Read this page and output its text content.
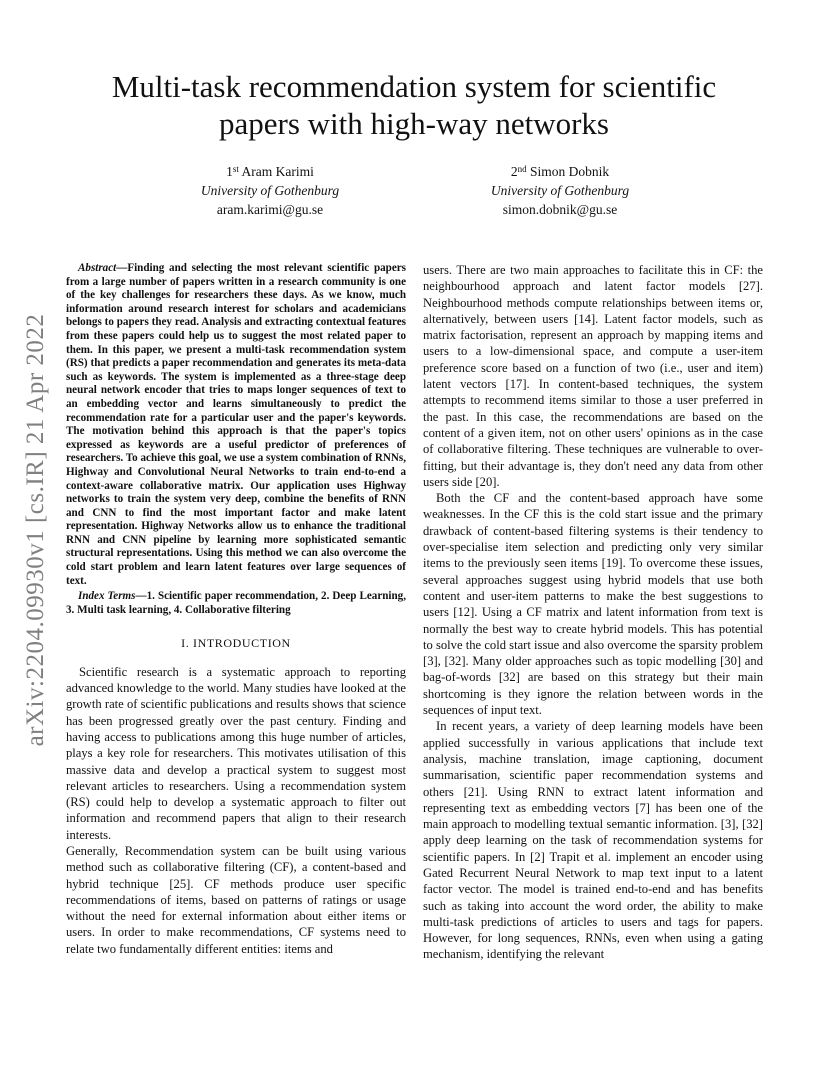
arXiv:2204.09930v1 [cs.IR] 21 Apr 2022
Multi-task recommendation system for scientific
papers with high-way networks
1st Aram Karimi
University of Gothenburg
aram.karimi@gu.se
2nd Simon Dobnik
University of Gothenburg
simon.dobnik@gu.se

Abstract—Finding and selecting the most relevant scientific papers from a large number of papers written in a research community is one of the key challenges for researchers these days. As we know, much information around research interest for scholars and academicians belongs to papers they read. Analysis and extracting contextual features from these papers could help us to suggest the most related paper to them. In this paper, we present a multi-task recommendation system (RS) that predicts a paper recommendation and generates its meta-data such as keywords. The system is implemented as a three-stage deep neural network encoder that tries to maps longer sequences of text to an embedding vector and learns simultaneously to predict the recommendation rate for a particular user and the paper's keywords. The motivation behind this approach is that the paper's topics expressed as keywords are a useful predictor of preferences of researchers. To achieve this goal, we use a system combination of RNNs, Highway and Convolutional Neural Networks to train end-to-end a context-aware collaborative matrix. Our application uses Highway networks to train the system very deep, combine the benefits of RNN and CNN to find the most important factor and make latent representation. Highway Networks allow us to enhance the traditional RNN and CNN pipeline by learning more sophisticated semantic structural representations. Using this method we can also overcome the cold start problem and learn latent features over large sequences of text.

Index Terms—1. Scientific paper recommendation, 2. Deep Learning, 3. Multi task learning, 4. Collaborative filtering

I. INTRODUCTION

Scientific research is a systematic approach to reporting advanced knowledge to the world. Many studies have looked at the growth rate of scientific publications and results shows that science has been progressed greatly over the past century. Finding and having access to publications among this huge number of articles, plays a key role for researchers. This motivates utilisation of this massive data and develop a practical system to suggest most relevant articles to researchers. Using a recommendation system (RS) could help to develop a systematic approach to filter out information and recommend papers that align to their research interests.

Generally, Recommendation system can be built using various method such as collaborative filtering (CF), a content-based and hybrid technique [25]. CF methods produce user specific recommendations of items, based on patterns of ratings or usage without the need for external information about either items or users. In order to make recommendations, CF systems need to relate two fundamentally different entities: items and

users. There are two main approaches to facilitate this in CF: the neighbourhood approach and latent factor models [27]. Neighbourhood methods compute relationships between items or, alternatively, between users [14]. Latent factor models, such as matrix factorisation, represent an approach by mapping items and users to a low-dimensional space, and compute a user-item preference score based on a function of two (i.e., user and item) latent vectors [17]. In content-based techniques, the system attempts to recommend items similar to those a user preferred in the past. In this case, the recommendations are based on the content of a given item, not on other users' opinions as in the case of collaborative filtering. These techniques are vulnerable to over-fitting, but their advantage is, they don't need any data from other users side [20].

Both the CF and the content-based approach have some weaknesses. In the CF this is the cold start issue and the primary drawback of content-based filtering systems is their tendency to over-specialise item selection and predicting only very similar items to the previously seen items [19]. To overcome these issues, several approaches suggest using hybrid models that use both content and user-item patterns to make the best suggestions to users [12]. Using a CF matrix and latent information from text is normally the best way to create hybrid models. This has potential to solve the cold start issue and also overcome the sparsity problem [3], [32]. Many older approaches such as topic modelling [30] and bag-of-words [32] are based on this strategy but their main shortcoming is they ignore the relation between words in the sequences of input text.

In recent years, a variety of deep learning models have been applied successfully in various applications that include text analysis, machine translation, image captioning, document summarisation, scientific paper recommendation systems and others [21]. Using RNN to extract latent information and representing text as embedding vectors [7] has been one of the main approach to modelling textual semantic information. [3], [32] apply deep learning on the task of recommendation systems for scientific papers. In [2] Trapit et al. implement an encoder using Gated Recurrent Neural Network to map text input to a latent factor vector. The model is trained end-to-end and has benefits such as taking into account the word order, the ability to make multi-task predictions of articles to users and tags for papers. However, for long sequences, RNNs, even when using a gating mechanism, identifying the relevant
